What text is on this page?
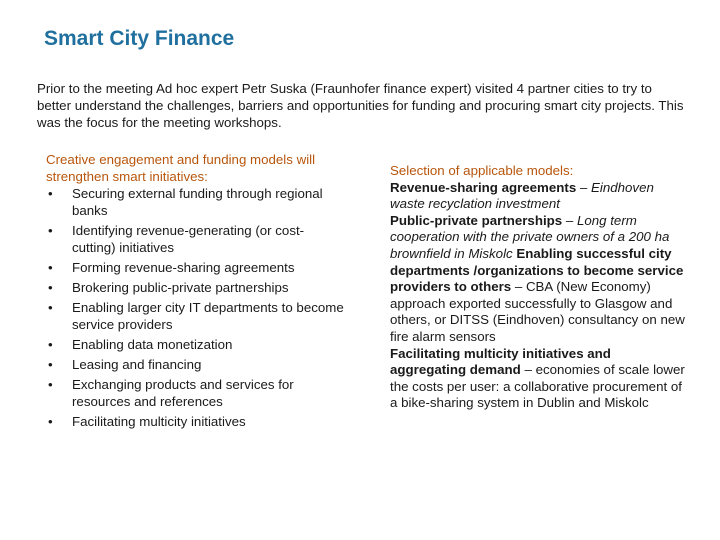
Smart City Finance
Prior to the meeting Ad hoc expert Petr Suska (Fraunhofer finance expert) visited 4 partner cities to try to better understand the challenges, barriers and opportunities for funding and procuring smart city projects. This was the focus for the meeting workshops.
Creative engagement and funding models will strengthen smart initiatives:
• Securing external funding through regional banks
• Identifying revenue-generating (or cost-cutting) initiatives
• Forming revenue-sharing agreements
• Brokering public-private partnerships
• Enabling larger city IT departments to become service providers
• Enabling data monetization
• Leasing and financing
• Exchanging products and services for resources and references
• Facilitating multicity initiatives

Selection of applicable models:

Revenue-sharing agreements – Eindhoven waste recyclation investment

Public-private partnerships – Long term cooperation with the private owners of a 200 ha brownfield in Miskolc Enabling successful city departments /organizations to become service providers to others – CBA (New Economy) approach exported successfully to Glasgow and others, or DITSS (Eindhoven) consultancy on new fire alarm sensors

Facilitating multicity initiatives and aggregating demand – economies of scale lower the costs per user: a collaborative procurement of a bike-sharing system in Dublin and Miskolc
